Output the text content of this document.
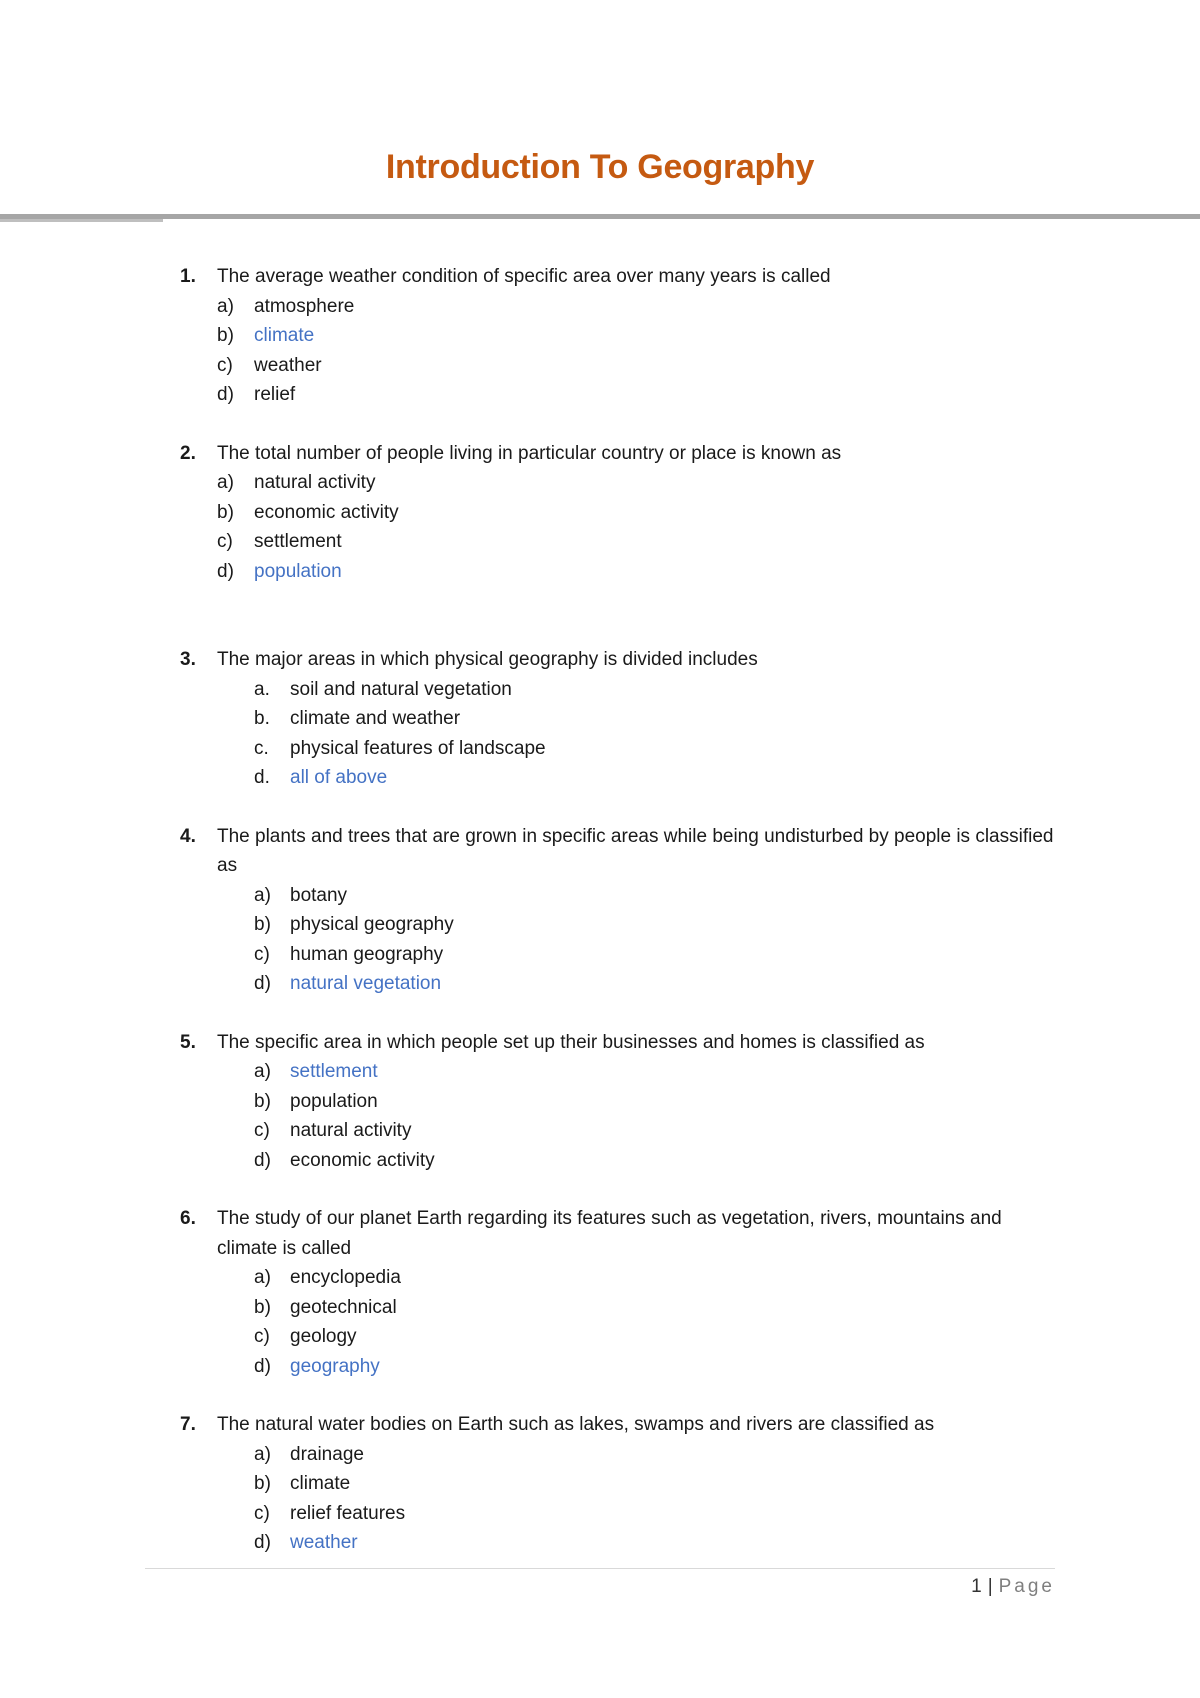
Introduction To Geography
1. The average weather condition of specific area over many years is called
a) atmosphere
b) climate
c) weather
d) relief
2. The total number of people living in particular country or place is known as
a) natural activity
b) economic activity
c) settlement
d) population
3. The major areas in which physical geography is divided includes
a. soil and natural vegetation
b. climate and weather
c. physical features of landscape
d. all of above
4. The plants and trees that are grown in specific areas while being undisturbed by people is classified as
a) botany
b) physical geography
c) human geography
d) natural vegetation
5. The specific area in which people set up their businesses and homes is classified as
a) settlement
b) population
c) natural activity
d) economic activity
6. The study of our planet Earth regarding its features such as vegetation, rivers, mountains and climate is called
a) encyclopedia
b) geotechnical
c) geology
d) geography
7. The natural water bodies on Earth such as lakes, swamps and rivers are classified as
a) drainage
b) climate
c) relief features
d) weather
1 | Page
